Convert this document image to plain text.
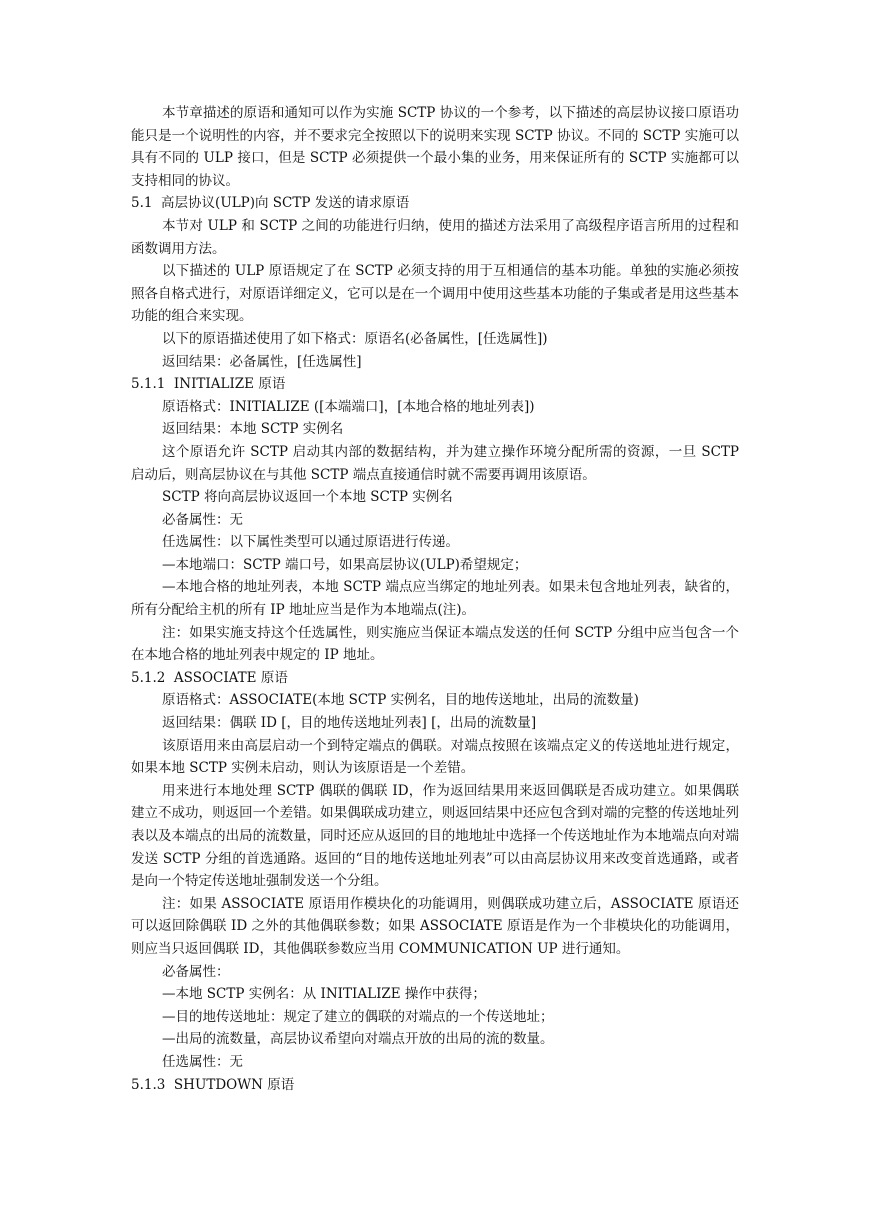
本节章描述的原语和通知可以作为实施 SCTP 协议的一个参考，以下描述的高层协议接口原语功能只是一个说明性的内容，并不要求完全按照以下的说明来实现 SCTP 协议。不同的 SCTP 实施可以具有不同的 ULP 接口，但是 SCTP 必须提供一个最小集的业务，用来保证所有的 SCTP 实施都可以支持相同的协议。

5.1  高层协议(ULP)向 SCTP 发送的请求原语

本节对 ULP 和 SCTP 之间的功能进行归纳，使用的描述方法采用了高级程序语言所用的过程和函数调用方法。

以下描述的 ULP 原语规定了在 SCTP 必须支持的用于互相通信的基本功能。单独的实施必须按照各自格式进行，对原语详细定义，它可以是在一个调用中使用这些基本功能的子集或者是用这些基本功能的组合来实现。

以下的原语描述使用了如下格式：原语名(必备属性，[任选属性])

返回结果：必备属性，[任选属性]

5.1.1  INITIALIZE 原语

原语格式：INITIALIZE ([本端端口]，[本地合格的地址列表])

返回结果：本地 SCTP 实例名

这个原语允许 SCTP 启动其内部的数据结构，并为建立操作环境分配所需的资源，一旦 SCTP 启动后，则高层协议在与其他 SCTP 端点直接通信时就不需要再调用该原语。

SCTP 将向高层协议返回一个本地 SCTP 实例名

必备属性：无

任选属性：以下属性类型可以通过原语进行传递。

—本地端口：SCTP 端口号，如果高层协议(ULP)希望规定；

—本地合格的地址列表，本地 SCTP 端点应当绑定的地址列表。如果未包含地址列表，缺省的，所有分配给主机的所有 IP 地址应当是作为本地端点(注)。

注：如果实施支持这个任选属性，则实施应当保证本端点发送的任何 SCTP 分组中应当包含一个在本地合格的地址列表中规定的 IP 地址。

5.1.2  ASSOCIATE 原语

原语格式：ASSOCIATE(本地 SCTP 实例名，目的地传送地址，出局的流数量)

返回结果：偶联 ID [，目的地传送地址列表] [，出局的流数量]

该原语用来由高层启动一个到特定端点的偶联。对端点按照在该端点定义的传送地址进行规定，如果本地 SCTP 实例未启动，则认为该原语是一个差错。

用来进行本地处理 SCTP 偶联的偶联 ID，作为返回结果用来返回偶联是否成功建立。如果偶联建立不成功，则返回一个差错。如果偶联成功建立，则返回结果中还应包含到对端的完整的传送地址列表以及本端点的出局的流数量，同时还应从返回的目的地地址中选择一个传送地址作为本地端点向对端发送 SCTP 分组的首选通路。返回的“目的地传送地址列表”可以由高层协议用来改变首选通路，或者是向一个特定传送地址强制发送一个分组。

注：如果 ASSOCIATE 原语用作模块化的功能调用，则偶联成功建立后，ASSOCIATE 原语还可以返回除偶联 ID 之外的其他偶联参数；如果 ASSOCIATE 原语是作为一个非模块化的功能调用，则应当只返回偶联 ID，其他偶联参数应当用 COMMUNICATION UP 进行通知。

必备属性：

—本地 SCTP 实例名：从 INITIALIZE 操作中获得；

—目的地传送地址：规定了建立的偶联的对端点的一个传送地址；

—出局的流数量，高层协议希望向对端点开放的出局的流的数量。

任选属性：无

5.1.3  SHUTDOWN 原语
